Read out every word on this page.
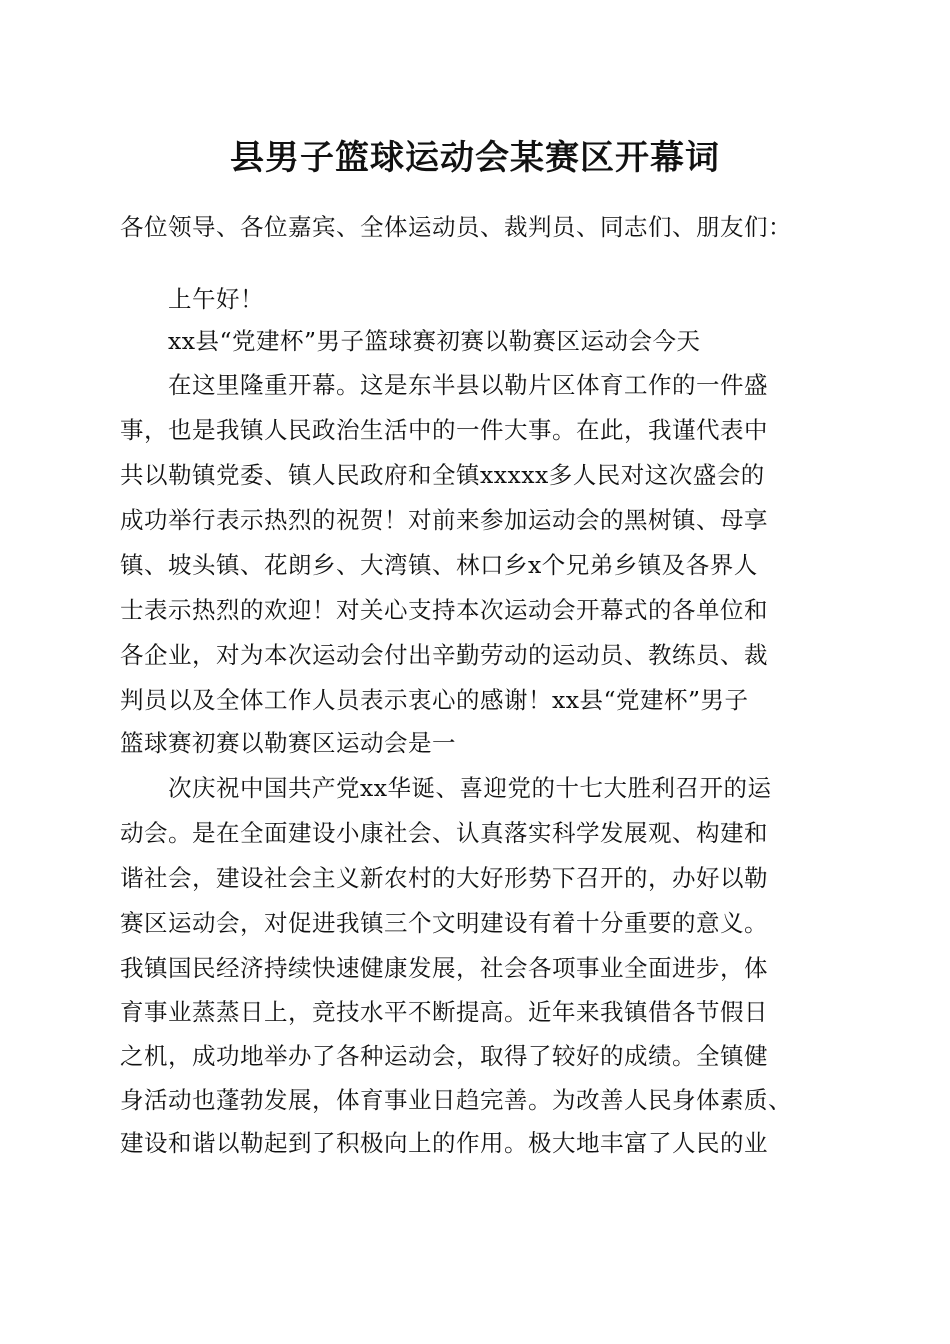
县男子篮球运动会某赛区开幕词
各位领导、各位嘉宾、全体运动员、裁判员、同志们、朋友们：
上午好！
xx县“党建杯”男子篮球赛初赛以勒赛区运动会今天
在这里隆重开幕。这是东半县以勒片区体育工作的一件盛
事，也是我镇人民政治生活中的一件大事。在此，我谨代表中
共以勒镇党委、镇人民政府和全镇xxxxx多人民对这次盛会的
成功举行表示热烈的祝贺！对前来参加运动会的黑树镇、母享
镇、坡头镇、花朗乡、大湾镇、林口乡x个兄弟乡镇及各界人
士表示热烈的欢迎！对关心支持本次运动会开幕式的各单位和
各企业，对为本次运动会付出辛勤劳动的运动员、教练员、裁
判员以及全体工作人员表示衷心的感谢！xx县“党建杯”男子
篮球赛初赛以勒赛区运动会是一
次庆祝中国共产党xx华诞、喜迎党的十七大胜利召开的运
动会。是在全面建设小康社会、认真落实科学发展观、构建和
谐社会，建设社会主义新农村的大好形势下召开的，办好以勒
赛区运动会，对促进我镇三个文明建设有着十分重要的意义。
我镇国民经济持续快速健康发展，社会各项事业全面进步，体
育事业蒸蒸日上，竞技水平不断提高。近年来我镇借各节假日
之机，成功地举办了各种运动会，取得了较好的成绩。全镇健
身活动也蓬勃发展，体育事业日趋完善。为改善人民身体素质、
建设和谐以勒起到了积极向上的作用。极大地丰富了人民的业
